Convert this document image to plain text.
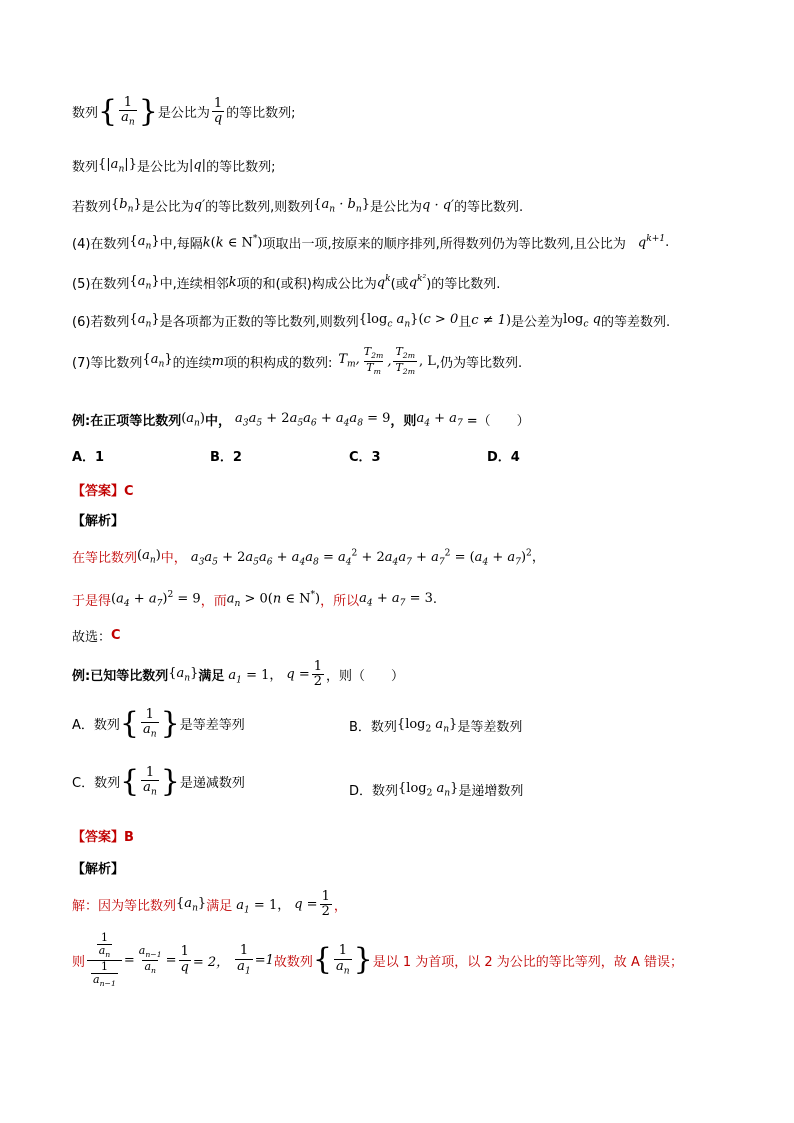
数列 { $\frac{1}{a_n}$ } 是公比为 $\frac{1}{q}$ 的等比数列;
数列 $\{|a_n|\}$ 是公比为 |q| 的等比数列;
若数列 $\{b_n\}$ 是公比为 q′ 的等比数列,则数列 $\{a_n \cdot b_n\}$ 是公比为 q · q′ 的等比数列.
(4)在数列 $\{a_n\}$ 中,每隔 k(k ∈ N*) 项取出一项,按原来的顺序排列,所得数列仍为等比数列,且公比为 $q^{k+1}$ .
(5)在数列 $\{a_n\}$ 中,连续相邻 k 项的和(或积)构成公比为 $q^k$ (或 $q^{k^2}$ )的等比数列.
(6)若数列 $\{a_n\}$ 是各项都为正数的等比数列,则数列 {$\log_c$ $a_n\}(c > 0$ 且 c ≠ 1) 是公差为 $\log_c q$ 的等差数列.
(7)等比数列 $\{a_n\}$ 的连续 m 项的积构成的数列: $T_m$, $\frac{T_{2m}}{T_m}$ , $\frac{T_{2m}}{T_{2m}}$ , L ,仍为等比数列.
例:在正项等比数列 $(a_n)$ 中， $a_3a_5 + 2a_5a_6 + a_4a_8 = 9$ ，则 $a_4 + a_7$ =（　　）
A．1	B．2	C．3	D．4
【答案】C
【解析】
在等比数列 $(a_n)$ 中， $a_3a_5 + 2a_5a_6 + a_4a_8 = a_4^2 + 2a_4a_7 + a_7^2 = (a_4 + a_7)^2$，
于是得 $(a_4 + a_7)^2 = 9$ ，而 $a_n > 0(n$ ∈ N*) ，所以 $a_4 + a_7 = 3$ .
故选： C
例:已知等比数列 $\{a_n\}$ 满足 $a_1 = 1$， $q = \frac{1}{2}$ ，则（　　）
A．数列 { $\frac{1}{a_n}$ } 是等差等列	B．数列 {$\log_2$ $a_n$} 是等差数列
C．数列 { $\frac{1}{a_n}$ } 是递减数列
D．数列 {$\log_2$ $a_n$} 是递增数列
【答案】B
【解析】
解：因为等比数列 $\{a_n\}$ 满足 $a_1 = 1$， $q = \frac{1}{2}$ ，
则 $\frac{\frac{1}{a_n}}{\frac{1}{a_{n-1}}} = \frac{a_{n-1}}{a_n} = \frac{1}{q} = 2$， $\frac{1}{a_1} =1$ 故数列 { $\frac{1}{a_n}$ } 是以 1 为首项，以 2 为公比的等比等列，故 A 错误；
